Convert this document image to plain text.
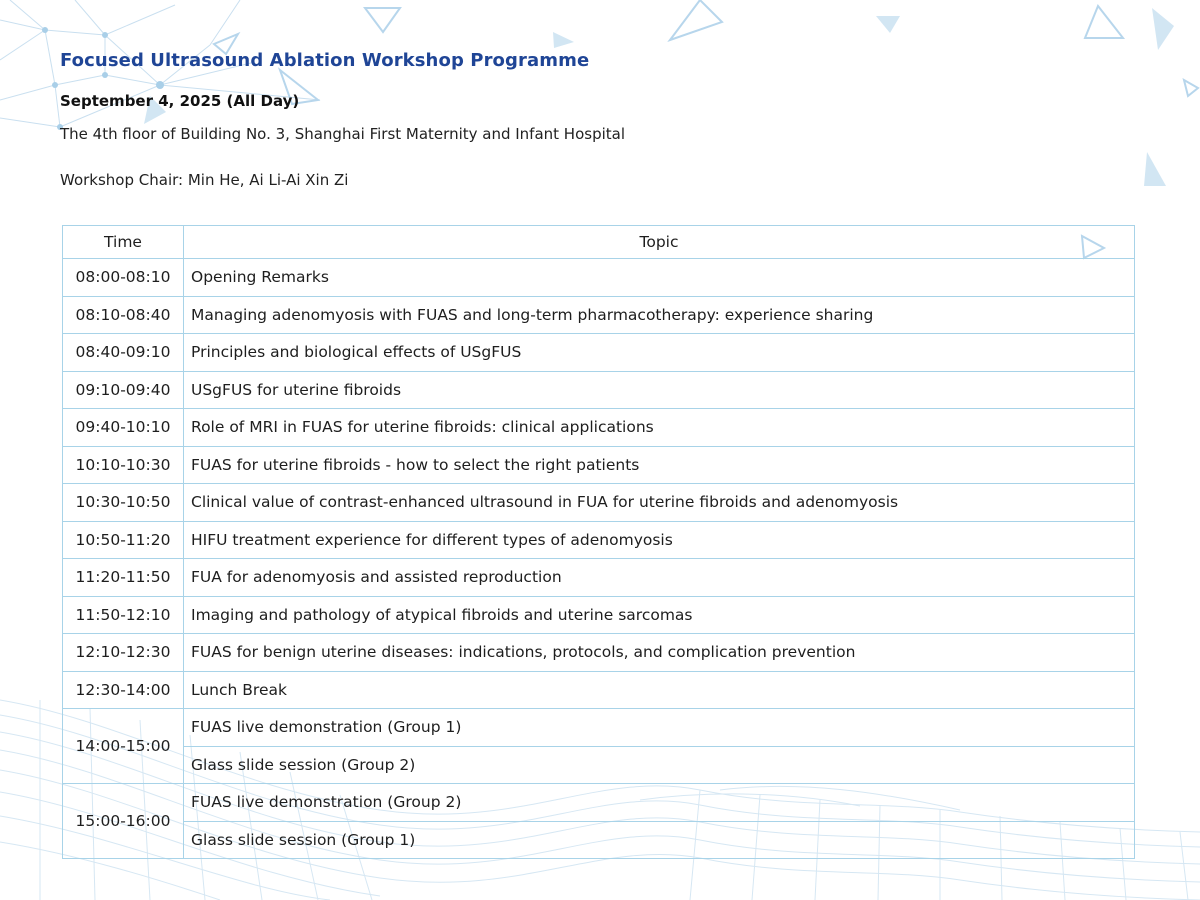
Focused Ultrasound Ablation Workshop Programme

September 4, 2025 (All Day)

The 4th floor of Building No. 3, Shanghai First Maternity and Infant Hospital

Workshop Chair: Min He, Ai Li-Ai Xin Zi

Time	Topic
08:00-08:10	Opening Remarks
08:10-08:40	Managing adenomyosis with FUAS and long-term pharmacotherapy: experience sharing
08:40-09:10	Principles and biological effects of USgFUS
09:10-09:40	USgFUS for uterine fibroids
09:40-10:10	Role of MRI in FUAS for uterine fibroids: clinical applications
10:10-10:30	FUAS for uterine fibroids - how to select the right patients
10:30-10:50	Clinical value of contrast-enhanced ultrasound in FUA for uterine fibroids and adenomyosis
10:50-11:20	HIFU treatment experience for different types of adenomyosis
11:20-11:50	FUA for adenomyosis and assisted reproduction
11:50-12:10	Imaging and pathology of atypical fibroids and uterine sarcomas
12:10-12:30	FUAS for benign uterine diseases: indications, protocols, and complication prevention
12:30-14:00	Lunch Break
14:00-15:00	FUAS live demonstration (Group 1)
	Glass slide session (Group 2)
15:00-16:00	FUAS live demonstration (Group 2)
	Glass slide session (Group 1)
